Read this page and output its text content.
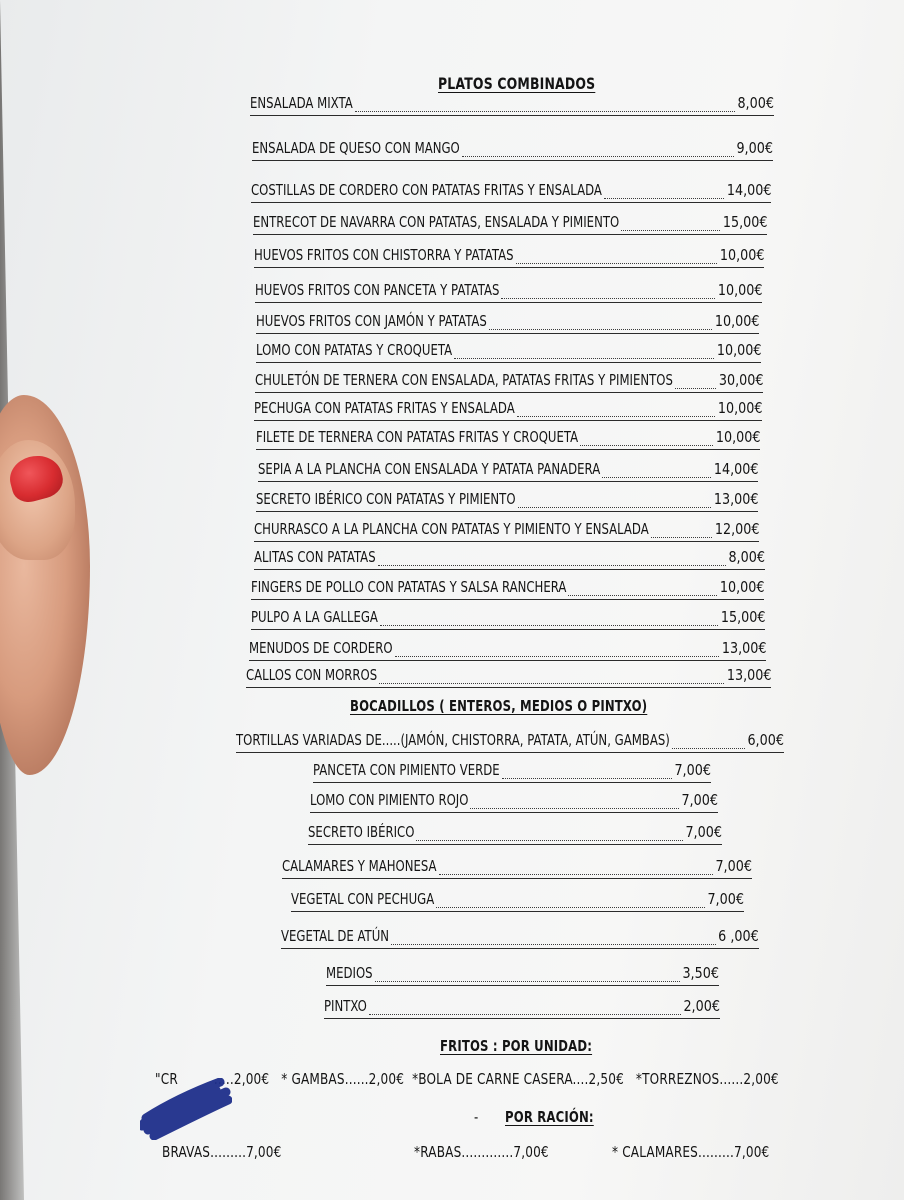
PLATOS COMBINADOS
ENSALADA MIXTA	8,00€
ENSALADA DE QUESO CON MANGO	9,00€
COSTILLAS DE CORDERO CON PATATAS FRITAS Y ENSALADA	14,00€
ENTRECOT DE NAVARRA CON PATATAS, ENSALADA Y PIMIENTO	15,00€
HUEVOS FRITOS CON CHISTORRA Y PATATAS	10,00€
HUEVOS FRITOS CON PANCETA Y PATATAS	10,00€
HUEVOS FRITOS CON JAMÓN Y PATATAS	10,00€
LOMO CON PATATAS Y CROQUETA	10,00€
CHULETÓN DE TERNERA CON ENSALADA, PATATAS FRITAS Y PIMIENTOS	30,00€
PECHUGA CON PATATAS FRITAS Y ENSALADA	10,00€
FILETE DE TERNERA CON PATATAS FRITAS Y CROQUETA	10,00€
SEPIA A LA PLANCHA CON ENSALADA Y PATATA PANADERA	14,00€
SECRETO IBÉRICO CON PATATAS Y PIMIENTO	13,00€
CHURRASCO A LA PLANCHA CON PATATAS Y PIMIENTO Y ENSALADA	12,00€
ALITAS CON PATATAS	8,00€
FINGERS DE POLLO CON PATATAS Y SALSA RANCHERA	10,00€
PULPO A LA GALLEGA	15,00€
MENUDOS DE CORDERO	13,00€
CALLOS CON MORROS	13,00€
BOCADILLOS ( ENTEROS, MEDIOS O PINTXO)
TORTILLAS VARIADAS DE.....(JAMÓN, CHISTORRA, PATATA, ATÚN, GAMBAS)	6,00€
PANCETA CON PIMIENTO VERDE	7,00€
LOMO CON PIMIENTO ROJO	7,00€
SECRETO IBÉRICO	7,00€
CALAMARES Y MAHONESA	7,00€
VEGETAL CON PECHUGA	7,00€
VEGETAL DE ATÚN	6 ,00€
MEDIOS	3,50€
PINTXO	2,00€
FRITOS : POR UNIDAD:
"CR         .....2,00€   * GAMBAS......2,00€  *BOLA DE CARNE CASERA....2,50€   *TORREZNOS......2,00€
- POR RACIÓN:
BRAVAS.........7,00€	*RABAS.............7,00€	* CALAMARES.........7,00€
